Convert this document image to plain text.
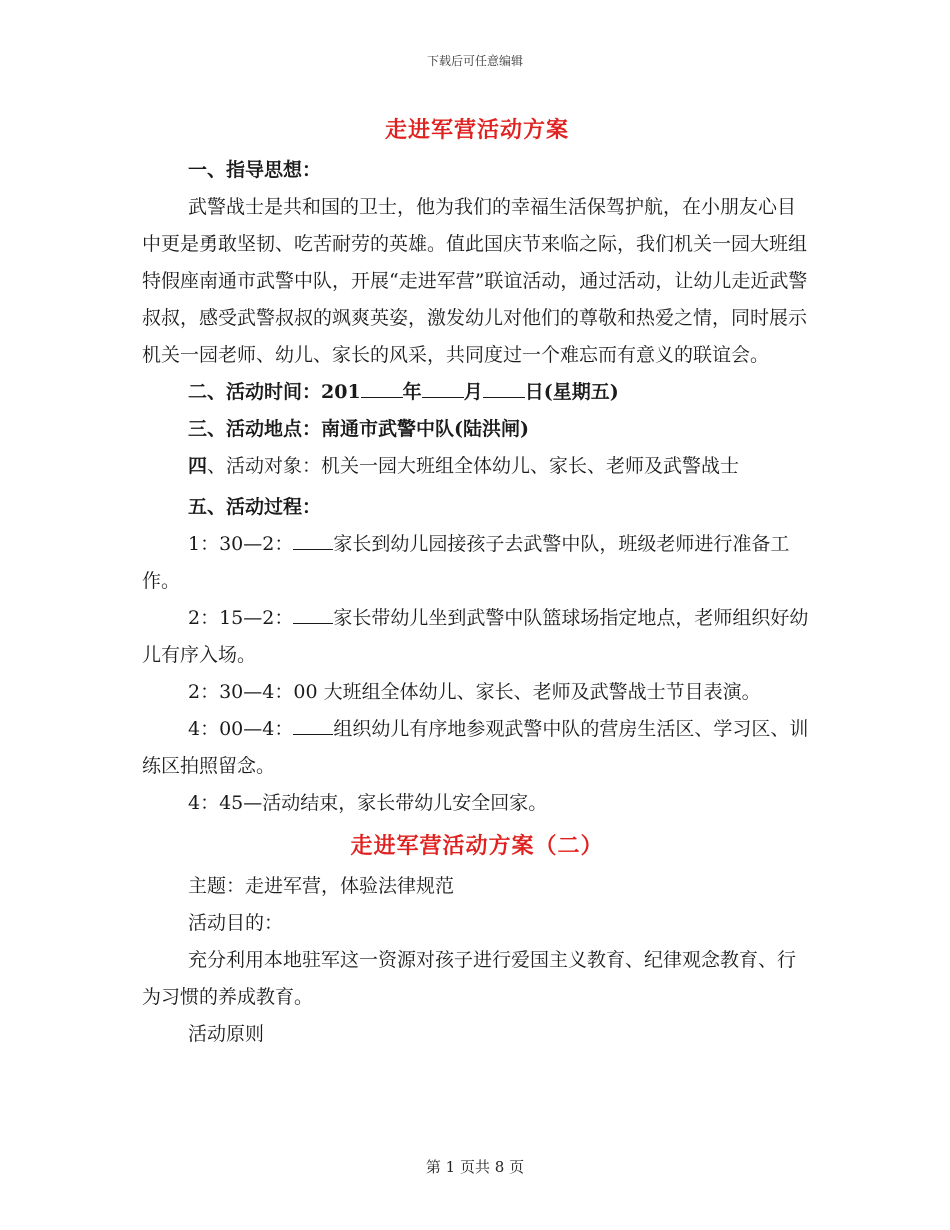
下载后可任意编辑
走进军营活动方案

一、指导思想：

武警战士是共和国的卫士，他为我们的幸福生活保驾护航，在小朋友心目中更是勇敢坚韧、吃苦耐劳的英雄。值此国庆节来临之际，我们机关一园大班组特假座南通市武警中队，开展“走进军营”联谊活动，通过活动，让幼儿走近武警叔叔，感受武警叔叔的飒爽英姿，激发幼儿对他们的尊敬和热爱之情，同时展示机关一园老师、幼儿、家长的风采，共同度过一个难忘而有意义的联谊会。

二、活动时间：201 年 月 日(星期五)

三、活动地点：南通市武警中队(陆洪闸)

四、活动对象：机关一园大班组全体幼儿、家长、老师及武警战士

五、活动过程：

1：30—2： 家长到幼儿园接孩子去武警中队，班级老师进行准备工作。

2：15—2： 家长带幼儿坐到武警中队篮球场指定地点，老师组织好幼儿有序入场。

2：30—4：00 大班组全体幼儿、家长、老师及武警战士节目表演。

4：00—4： 组织幼儿有序地参观武警中队的营房生活区、学习区、训练区拍照留念。

4：45—活动结束，家长带幼儿安全回家。

走进军营活动方案（二）

主题：走进军营，体验法律规范

活动目的：

充分利用本地驻军这一资源对孩子进行爱国主义教育、纪律观念教育、行为习惯的养成教育。

活动原则

第 1 页共 8 页
